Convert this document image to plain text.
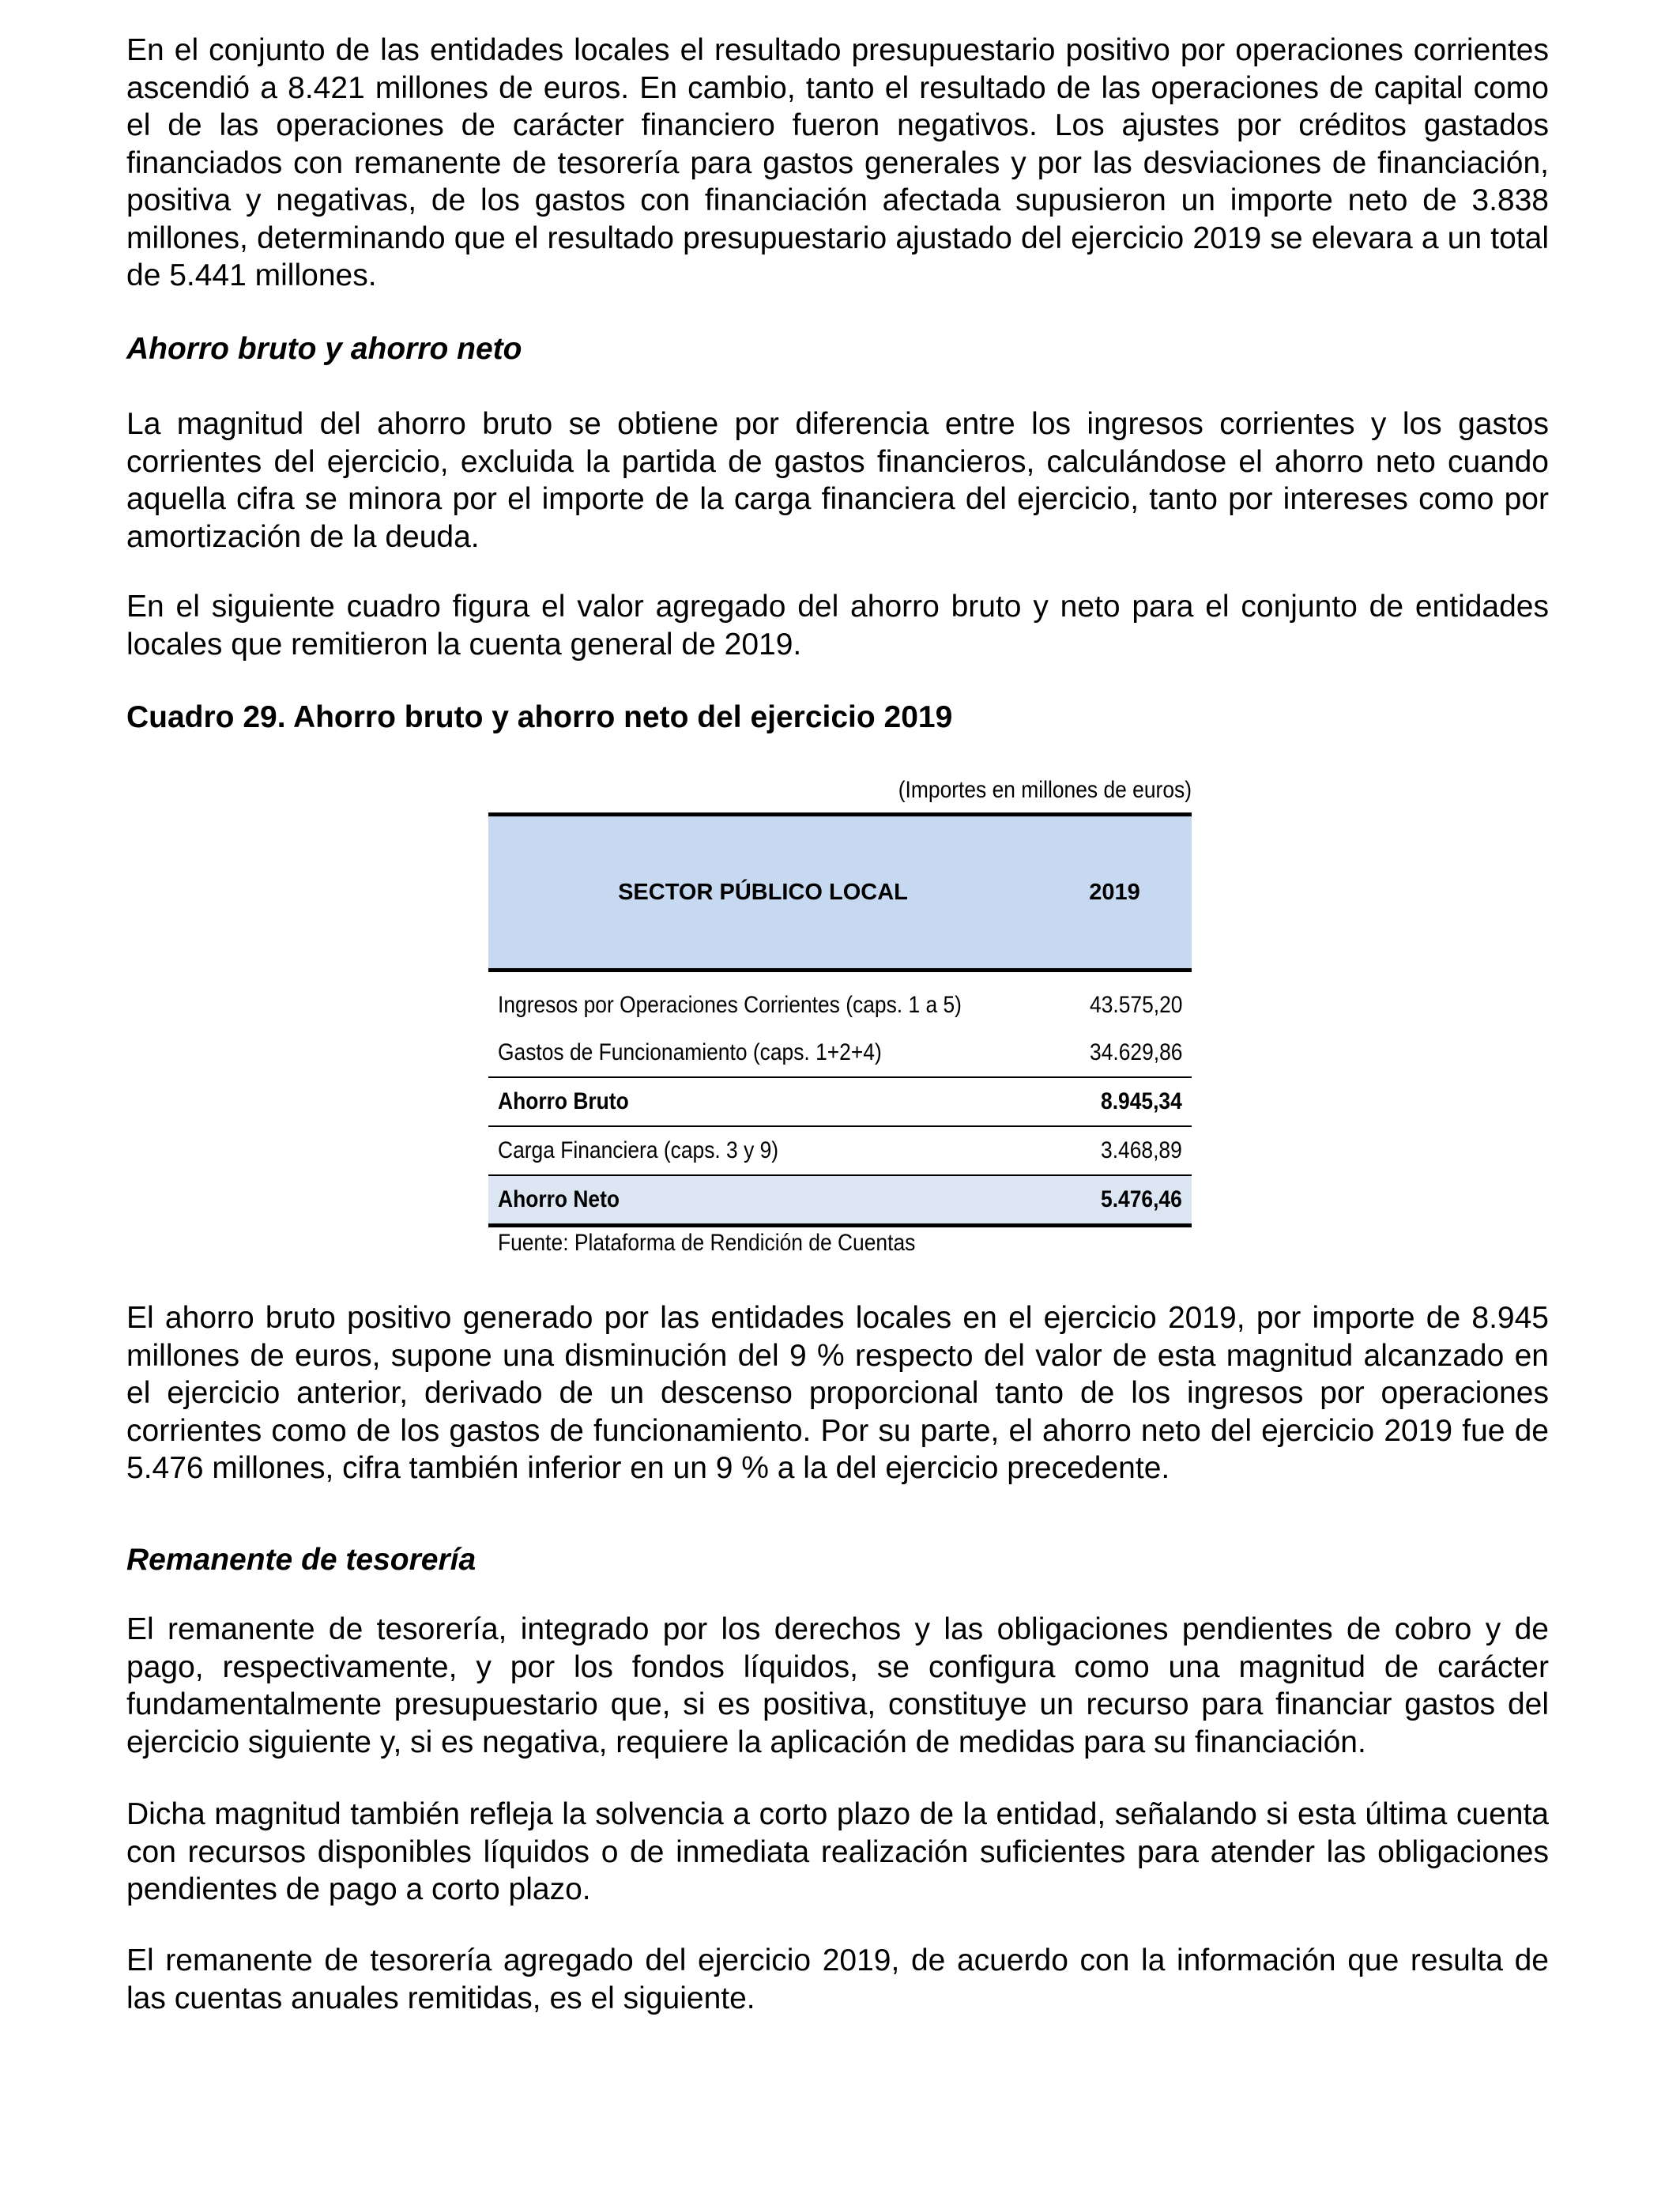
En el conjunto de las entidades locales el resultado presupuestario positivo por operaciones corrientes ascendió a 8.421 millones de euros. En cambio, tanto el resultado de las operaciones de capital como el de las operaciones de carácter financiero fueron negativos. Los ajustes por créditos gastados financiados con remanente de tesorería para gastos generales y por las desviaciones de financiación, positiva y negativas, de los gastos con financiación afectada supusieron un importe neto de 3.838 millones, determinando que el resultado presupuestario ajustado del ejercicio 2019 se elevara a un total de 5.441 millones.

Ahorro bruto y ahorro neto

La magnitud del ahorro bruto se obtiene por diferencia entre los ingresos corrientes y los gastos corrientes del ejercicio, excluida la partida de gastos financieros, calculándose el ahorro neto cuando aquella cifra se minora por el importe de la carga financiera del ejercicio, tanto por intereses como por amortización de la deuda.

En el siguiente cuadro figura el valor agregado del ahorro bruto y neto para el conjunto de entidades locales que remitieron la cuenta general de 2019.

Cuadro 29. Ahorro bruto y ahorro neto del ejercicio 2019
(Importes en millones de euros)
SECTOR PÚBLICO LOCAL	2019
Ingresos por Operaciones Corrientes (caps. 1 a 5)	43.575,20
Gastos de Funcionamiento (caps. 1+2+4)	34.629,86
Ahorro Bruto	8.945,34
Carga Financiera (caps. 3 y 9)	3.468,89
Ahorro Neto	5.476,46
Fuente: Plataforma de Rendición de Cuentas

El ahorro bruto positivo generado por las entidades locales en el ejercicio 2019, por importe de 8.945 millones de euros, supone una disminución del 9 % respecto del valor de esta magnitud alcanzado en el ejercicio anterior, derivado de un descenso proporcional tanto de los ingresos por operaciones corrientes como de los gastos de funcionamiento. Por su parte, el ahorro neto del ejercicio 2019 fue de 5.476 millones, cifra también inferior en un 9 % a la del ejercicio precedente.

Remanente de tesorería

El remanente de tesorería, integrado por los derechos y las obligaciones pendientes de cobro y de pago, respectivamente, y por los fondos líquidos, se configura como una magnitud de carácter fundamentalmente presupuestario que, si es positiva, constituye un recurso para financiar gastos del ejercicio siguiente y, si es negativa, requiere la aplicación de medidas para su financiación.

Dicha magnitud también refleja la solvencia a corto plazo de la entidad, señalando si esta última cuenta con recursos disponibles líquidos o de inmediata realización suficientes para atender las obligaciones pendientes de pago a corto plazo.

El remanente de tesorería agregado del ejercicio 2019, de acuerdo con la información que resulta de las cuentas anuales remitidas, es el siguiente.
